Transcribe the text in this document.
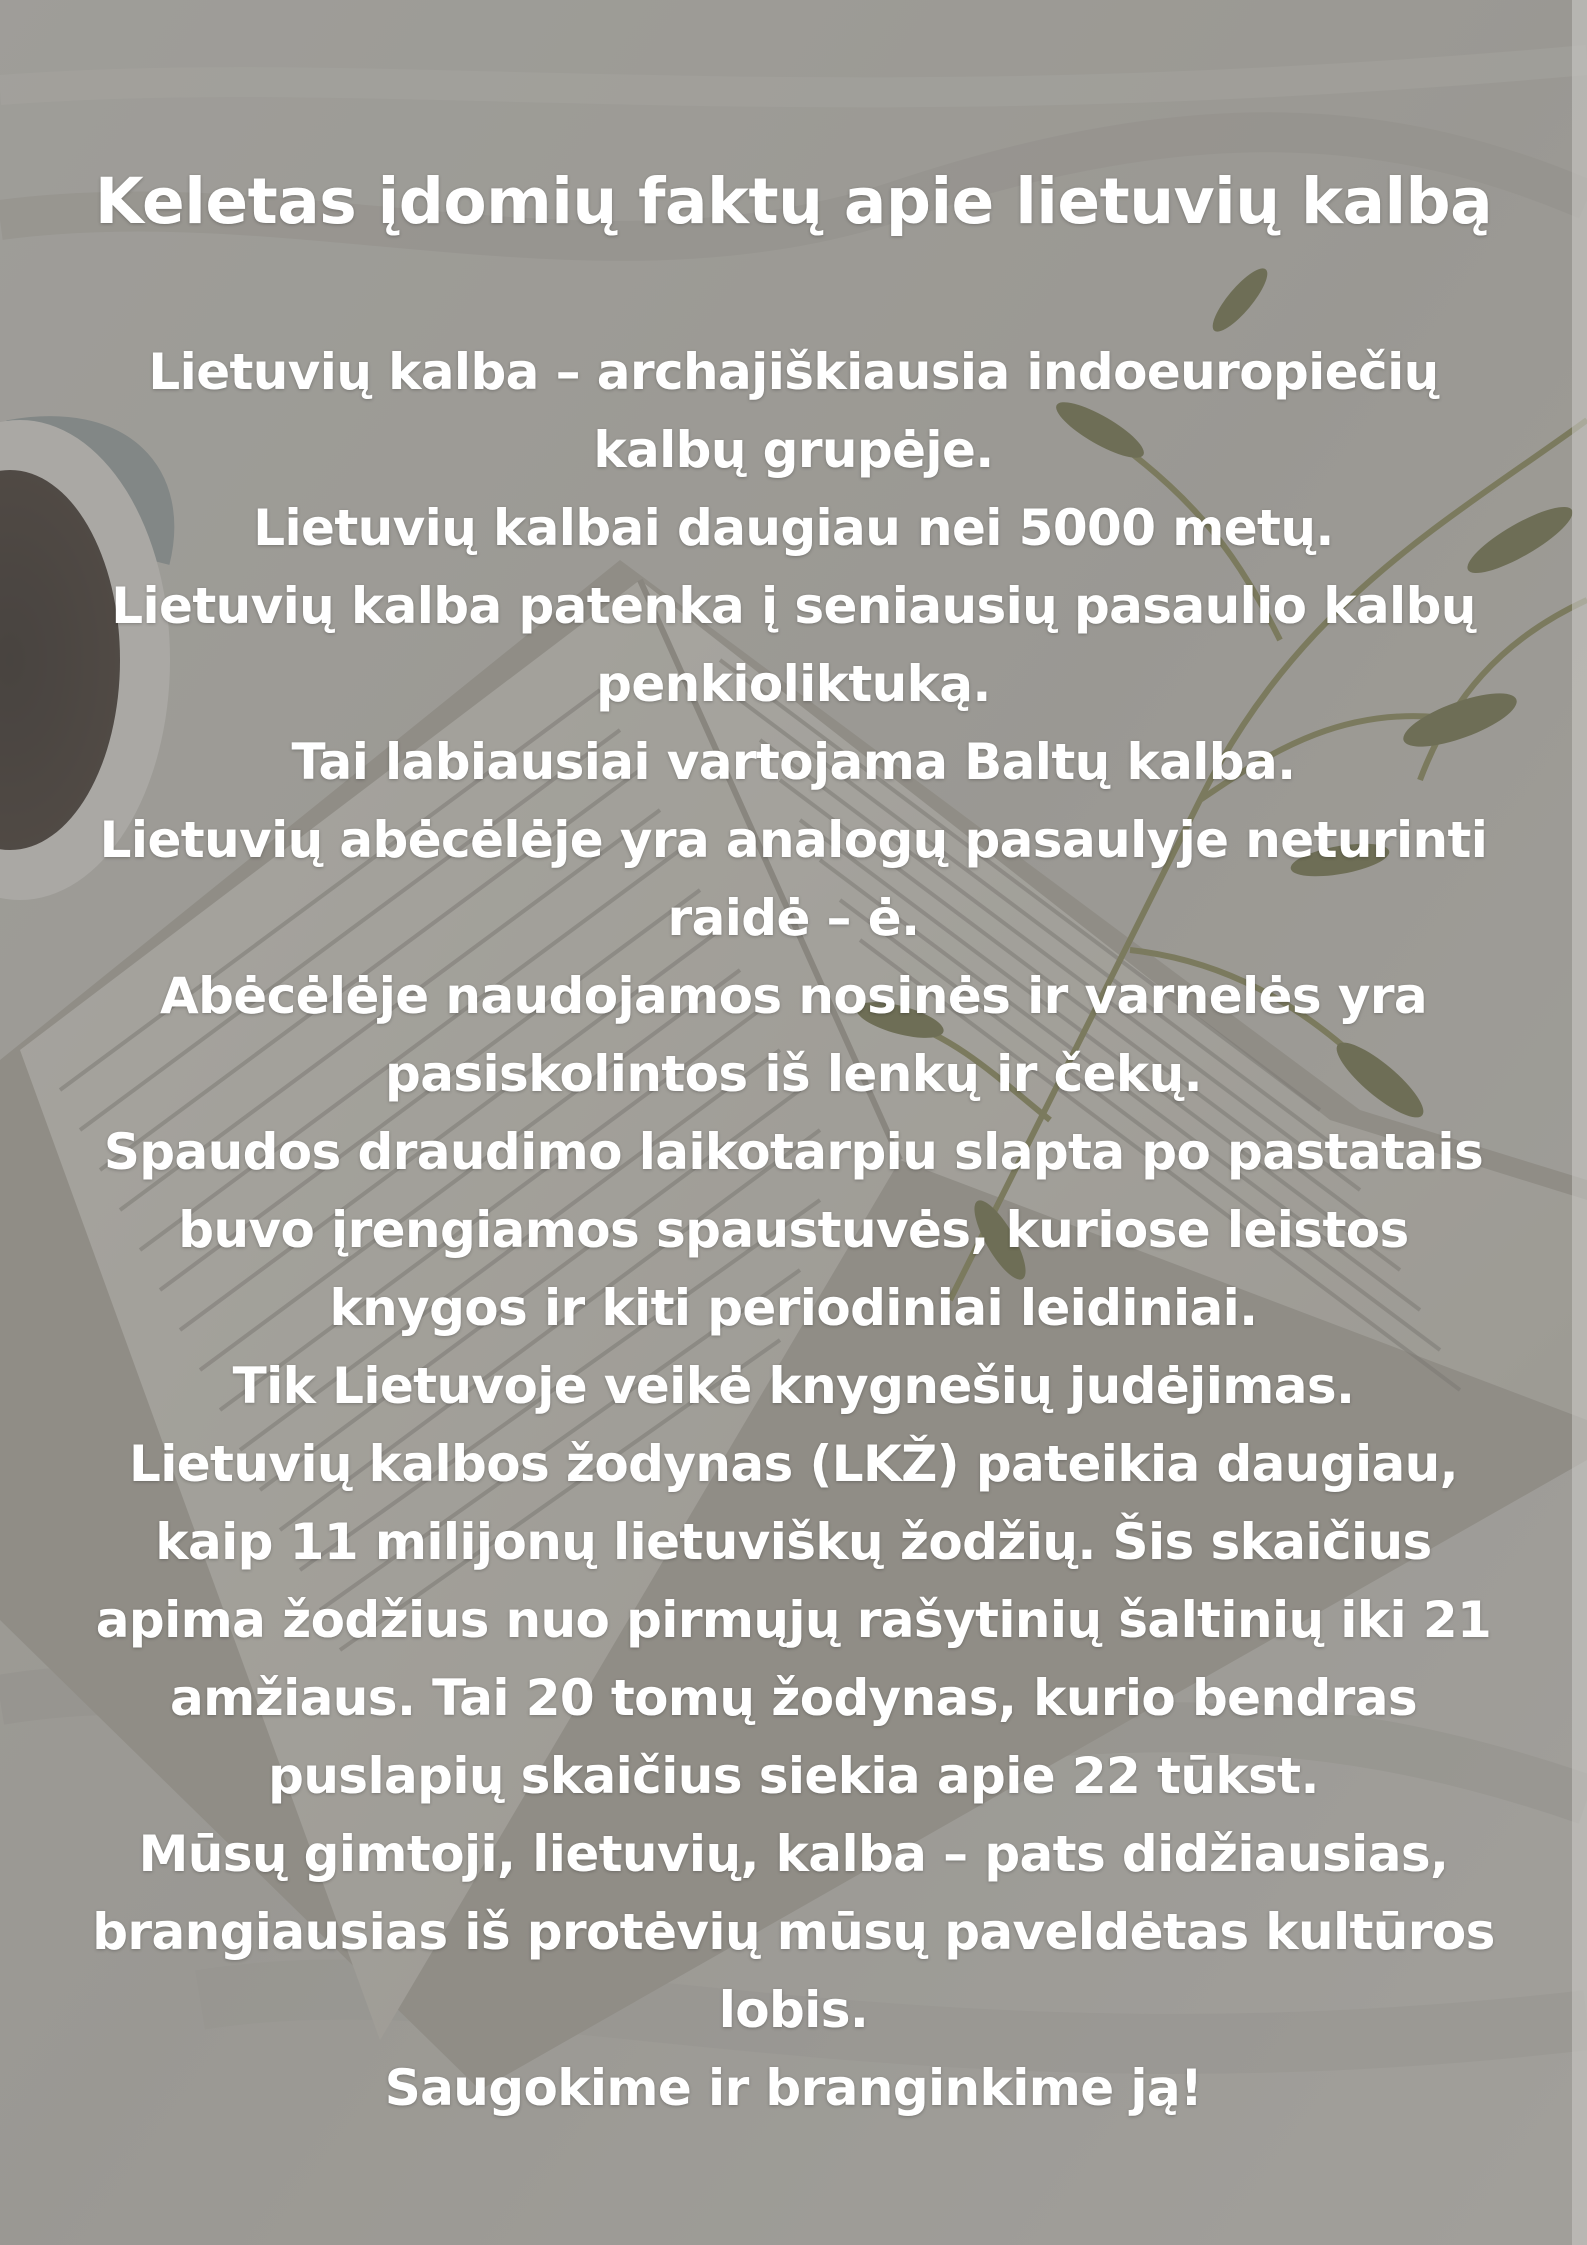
Keletas įdomių faktų apie lietuvių kalbą
Lietuvių kalba – archajiškiausia indoeuropiečių kalbų grupėje.
Lietuvių kalbai daugiau nei 5000 metų.
Lietuvių kalba patenka į seniausių pasaulio kalbų penkioliktuką.
Tai labiausiai vartojama Baltų kalba.
Lietuvių abėcėlėje yra analogų pasaulyje neturinti raidė – ė.
Abėcėlėje naudojamos nosinės ir varnelės yra pasiskolintos iš lenkų ir čekų.
Spaudos draudimo laikotarpiu slapta po pastatais buvo įrengiamos spaustuvės, kuriose leistos knygos ir kiti periodiniai leidiniai.
Tik Lietuvoje veikė knygnešių judėjimas.
Lietuvių kalbos žodynas (LKŽ) pateikia daugiau, kaip 11 milijonų lietuviškų žodžių. Šis skaičius apima žodžius nuo pirmųjų rašytinių šaltinių iki 21 amžiaus. Tai 20 tomų žodynas, kurio bendras puslapių skaičius siekia apie 22 tūkst.
Mūsų gimtoji, lietuvių, kalba – pats didžiausias, brangiausias iš protėvių mūsų paveldėtas kultūros lobis.
Saugokime ir branginkime ją!
